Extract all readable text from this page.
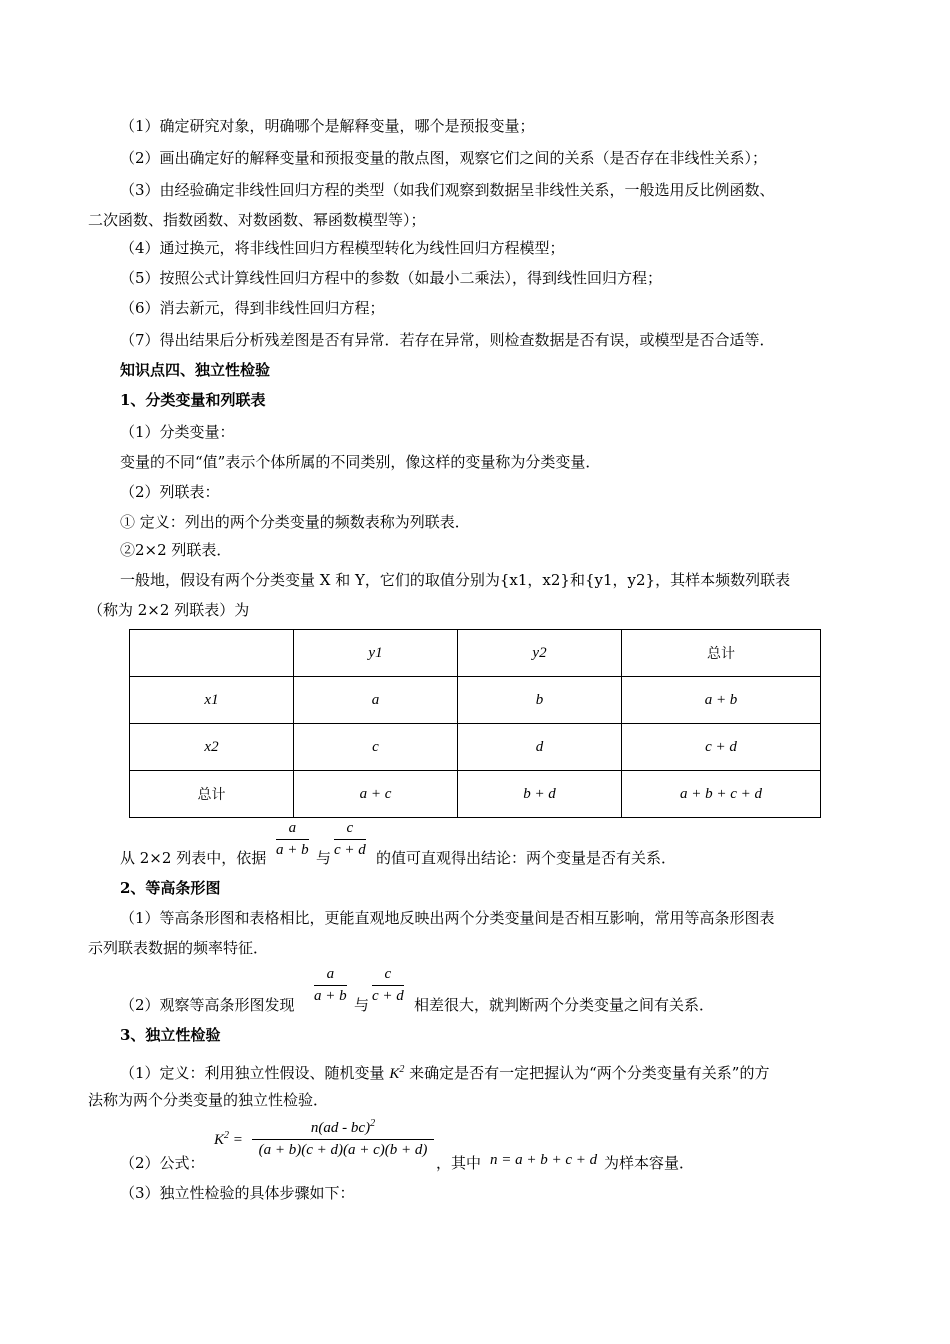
（1）确定研究对象，明确哪个是解释变量，哪个是预报变量；
（2）画出确定好的解释变量和预报变量的散点图，观察它们之间的关系（是否存在非线性关系）；
（3）由经验确定非线性回归方程的类型（如我们观察到数据呈非线性关系，一般选用反比例函数、
二次函数、指数函数、对数函数、幂函数模型等）；
（4）通过换元，将非线性回归方程模型转化为线性回归方程模型；
（5）按照公式计算线性回归方程中的参数（如最小二乘法），得到线性回归方程；
（6）消去新元，得到非线性回归方程；
（7）得出结果后分析残差图是否有异常．若存在异常，则检查数据是否有误，或模型是否合适等．
知识点四、独立性检验
1、分类变量和列联表
（1）分类变量：
变量的不同“值”表示个体所属的不同类别，像这样的变量称为分类变量．
（2）列联表：
① 定义：列出的两个分类变量的频数表称为列联表．
②2×2 列联表．
一般地，假设有两个分类变量 X 和 Y，它们的取值分别为{x1，x2}和{y1，y2}，其样本频数列联表
（称为 2×2 列联表）为
	y1	y2	总计
x1	a	b	a + b
x2	c	d	c + d
总计	a + c	b + d	a + b + c + d
从 2×2 列表中，依据 $\frac{a}{a + b}$ 与 $\frac{c}{c + d}$ 的值可直观得出结论：两个变量是否有关系．
2、等高条形图
（1）等高条形图和表格相比，更能直观地反映出两个分类变量间是否相互影响，常用等高条形图表
示列联表数据的频率特征．
（2）观察等高条形图发现 $\frac{a}{a + b}$ 与 $\frac{c}{c + d}$ 相差很大，就判断两个分类变量之间有关系．
3、独立性检验
（1）定义：利用独立性假设、随机变量 $K^2$ 来确定是否有一定把握认为“两个分类变量有关系”的方
法称为两个分类变量的独立性检验．
（2）公式：
$K^2 = \frac{n(ad - bc)^2}{(a + b)(c + d)(a + c)(b + d)}$
，其中 n = a + b + c + d 为样本容量．
（3）独立性检验的具体步骤如下：
